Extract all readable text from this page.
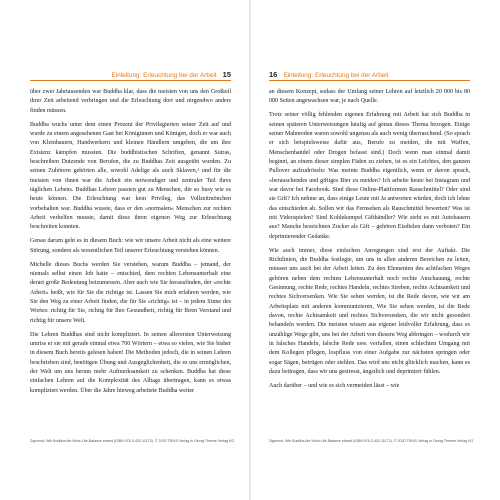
Einleitung: Erleuchtung bei der Arbeit 15

über zwei Jahrtausenden war Buddha klar, dass die meisten von uns den Großteil ihrer Zeit arbeitend verbringen und die Erleuchtung dort und nirgendwo anders finden müssen.

Buddha wuchs unter dem einen Prozent der Privilegierten seiner Zeit auf und wurde zu einem angesehenen Gast bei Königinnen und Königen, doch er war auch von Kleinbauern, Handwerkern und kleinen Händlern umgeben, die um ihre Existenz kämpfen mussten. Die buddhistischen Schriften, genannt Sutras, beschreiben Dutzende von Berufen, die zu Buddhas Zeit ausgeübt wurden. Zu seinen Zuhörern gehörten alle, sowohl Adelige als auch Sklaven,¹ und für die meisten von ihnen war die Arbeit ein notwendiger und zentraler Teil ihres täglichen Lebens. Buddhas Lehren passten gut zu Menschen, die so busy wie es heute können. Die Erleuchtung war kein Privileg, das Vollzeitmönchen vorbehalten war. Buddha wusste, dass er den »normalen« Menschen zur rechten Arbeit verhelfen musste, damit diese ihren eigenen Weg zur Erleuchtung beschreiten konnten.

Genau darum geht es in diesem Buch: wie wir unsere Arbeit nicht als eine weitere Störung, sondern als wesentlichen Teil unserer Erleuchtung verstehen können.

Michelle dieses Buchs werden Sie verstehen, warum Buddha – jemand, der niemals selbst einen Job hatte – entschied, dem rechten Lebensunterhalt eine derart große Bedeutung beizumessen. Aber auch wie Sie herausfinden, der »rechte Arbeit« heißt, wie für Sie die richtige ist. Lassen Sie mich erfahren werden, wie Sie den Weg zu einer Arbeit finden, die für Sie »richtig« ist – in jedem Sinne des Wortes: richtig für Sie, richtig für Ihre Gesundheit, richtig für Ihren Verstand und richtig für unsere Welt.

Die Lehren Buddhas sind nicht kompliziert. In seinen allerersten Unterweisung umriss er sie mit gerade einmal etwa 700 Wörtern – etwa so vielen, wie Sie bisher in diesem Buch bereits gelesen haben! Die Methoden jedoch, die in seinen Lehren beschrieben sind, benötigen Übung und Ausgeglichenheit, die es uns ermöglichen, der Welt um uns herum mehr Aufmerksamkeit zu schenken. Buddha hat diese einfachen Lehren auf die Komplexität des Alltags übertragen, kann es etwas kompliziert werden. Über die Jahre hinweg arbeitete Buddha weiter

Zigmond: Wie Buddha die Work-Life-Balance erfand (ISBN 978-3-432-11173), © 2020 TRIAS Verlag in Georg Thieme Verlag KG
16 Einleitung: Erleuchtung bei der Arbeit

an diesem Konzept, sodass der Umfang seiner Lehren auf letztlich 20 000 bis 80 000 Seiten angewachsen war, je nach Quelle.

Trotz seiner völlig fehlenden eigenen Erfahrung mit Arbeit hat sich Buddha in seinen späteren Unterweisungen häufig auf genau dieses Thema bezogen. Einige seiner Mahnreden waren sowohl ungenau als auch wenig überraschend. (So sprach er sich beispielsweise dafür aus, Berufe zu meiden, die mit Waffen, Menschenhandel oder Drogen befasst sind.) Doch wenn man einmal damit beginnt, an einem dieser simplen Fäden zu ziehen, ist es ein Leichtes, den ganzen Pullover aufzudröseln: Was meinte Buddha eigentlich, wenn er davon sprach, »berauschendes und giftiges Bier zu meiden? Ich arbeite heute bei Instagram und war davor bei Facebook. Sind diese Online-Plattformen Rauschmittel? Oder sind sie Gift? Ich nehme an, dass einige Leute mit Ja antworten würden, doch ich lehne das entschieden ab. Sollen wir das Fernsehen als Rauschmittel bewerten? Was ist mit Videospielen? Sind Kohlekumpel Gifthändler? Wie steht es mit Autobauern aus? Manche bezeichnen Zucker als Gift – gehören Eisdielen dann verboten? Ein deprimierender Gedanke.

Wie auch immer, diese einfachen Anregungen sind erst der Auftakt. Die Richtlinien, die Buddha festlegte, um uns in allen anderen Bereichen zu leiten, müssen uns auch bei der Arbeit leiten. Zu den Elementen des achtfachen Weges gehören neben dem rechten Lebensunterhalt noch rechte Anschauung, rechte Gesinnung, rechte Rede, rechtes Handeln, rechtes Streben, rechte Achtsamkeit und rechtes Sichversenken. Wie Sie sehen werden, ist die Rede davon, wie wir am Arbeitsplatz mit anderen kommunizieren, Wie Sie sehen werden, ist die Rede davon, rechte Achtsamkeit und rechtes Sichversenken, die wir nicht gesondert behandeln werden. Die meisten wissen aus eigener leidvoller Erfahrung, dass es unzählige Wege gibt, uns bei der Arbeit von diesem Weg abbringen – wodurch wir in falsches Handeln, falsche Rede usw. verfallen, einen schlechten Umgang mit dem Kollegen pflegen, lospfluss von einer Aufgabe zur nächsten springen oder sogar Sägen, betrügen oder stehlen. Das wird uns nicht glücklich machen, kann es dazu beitragen, dass wir uns gestresst, ängstlich und deprimiert fühlen.

Auch darüber – und wie es sich vermeiden lässt – wie

Zigmond: Wie Buddha die Work-Life-Balance erfand (ISBN 978-3-432-11173), © 2020 TRIAS Verlag in Georg Thieme Verlag KG
